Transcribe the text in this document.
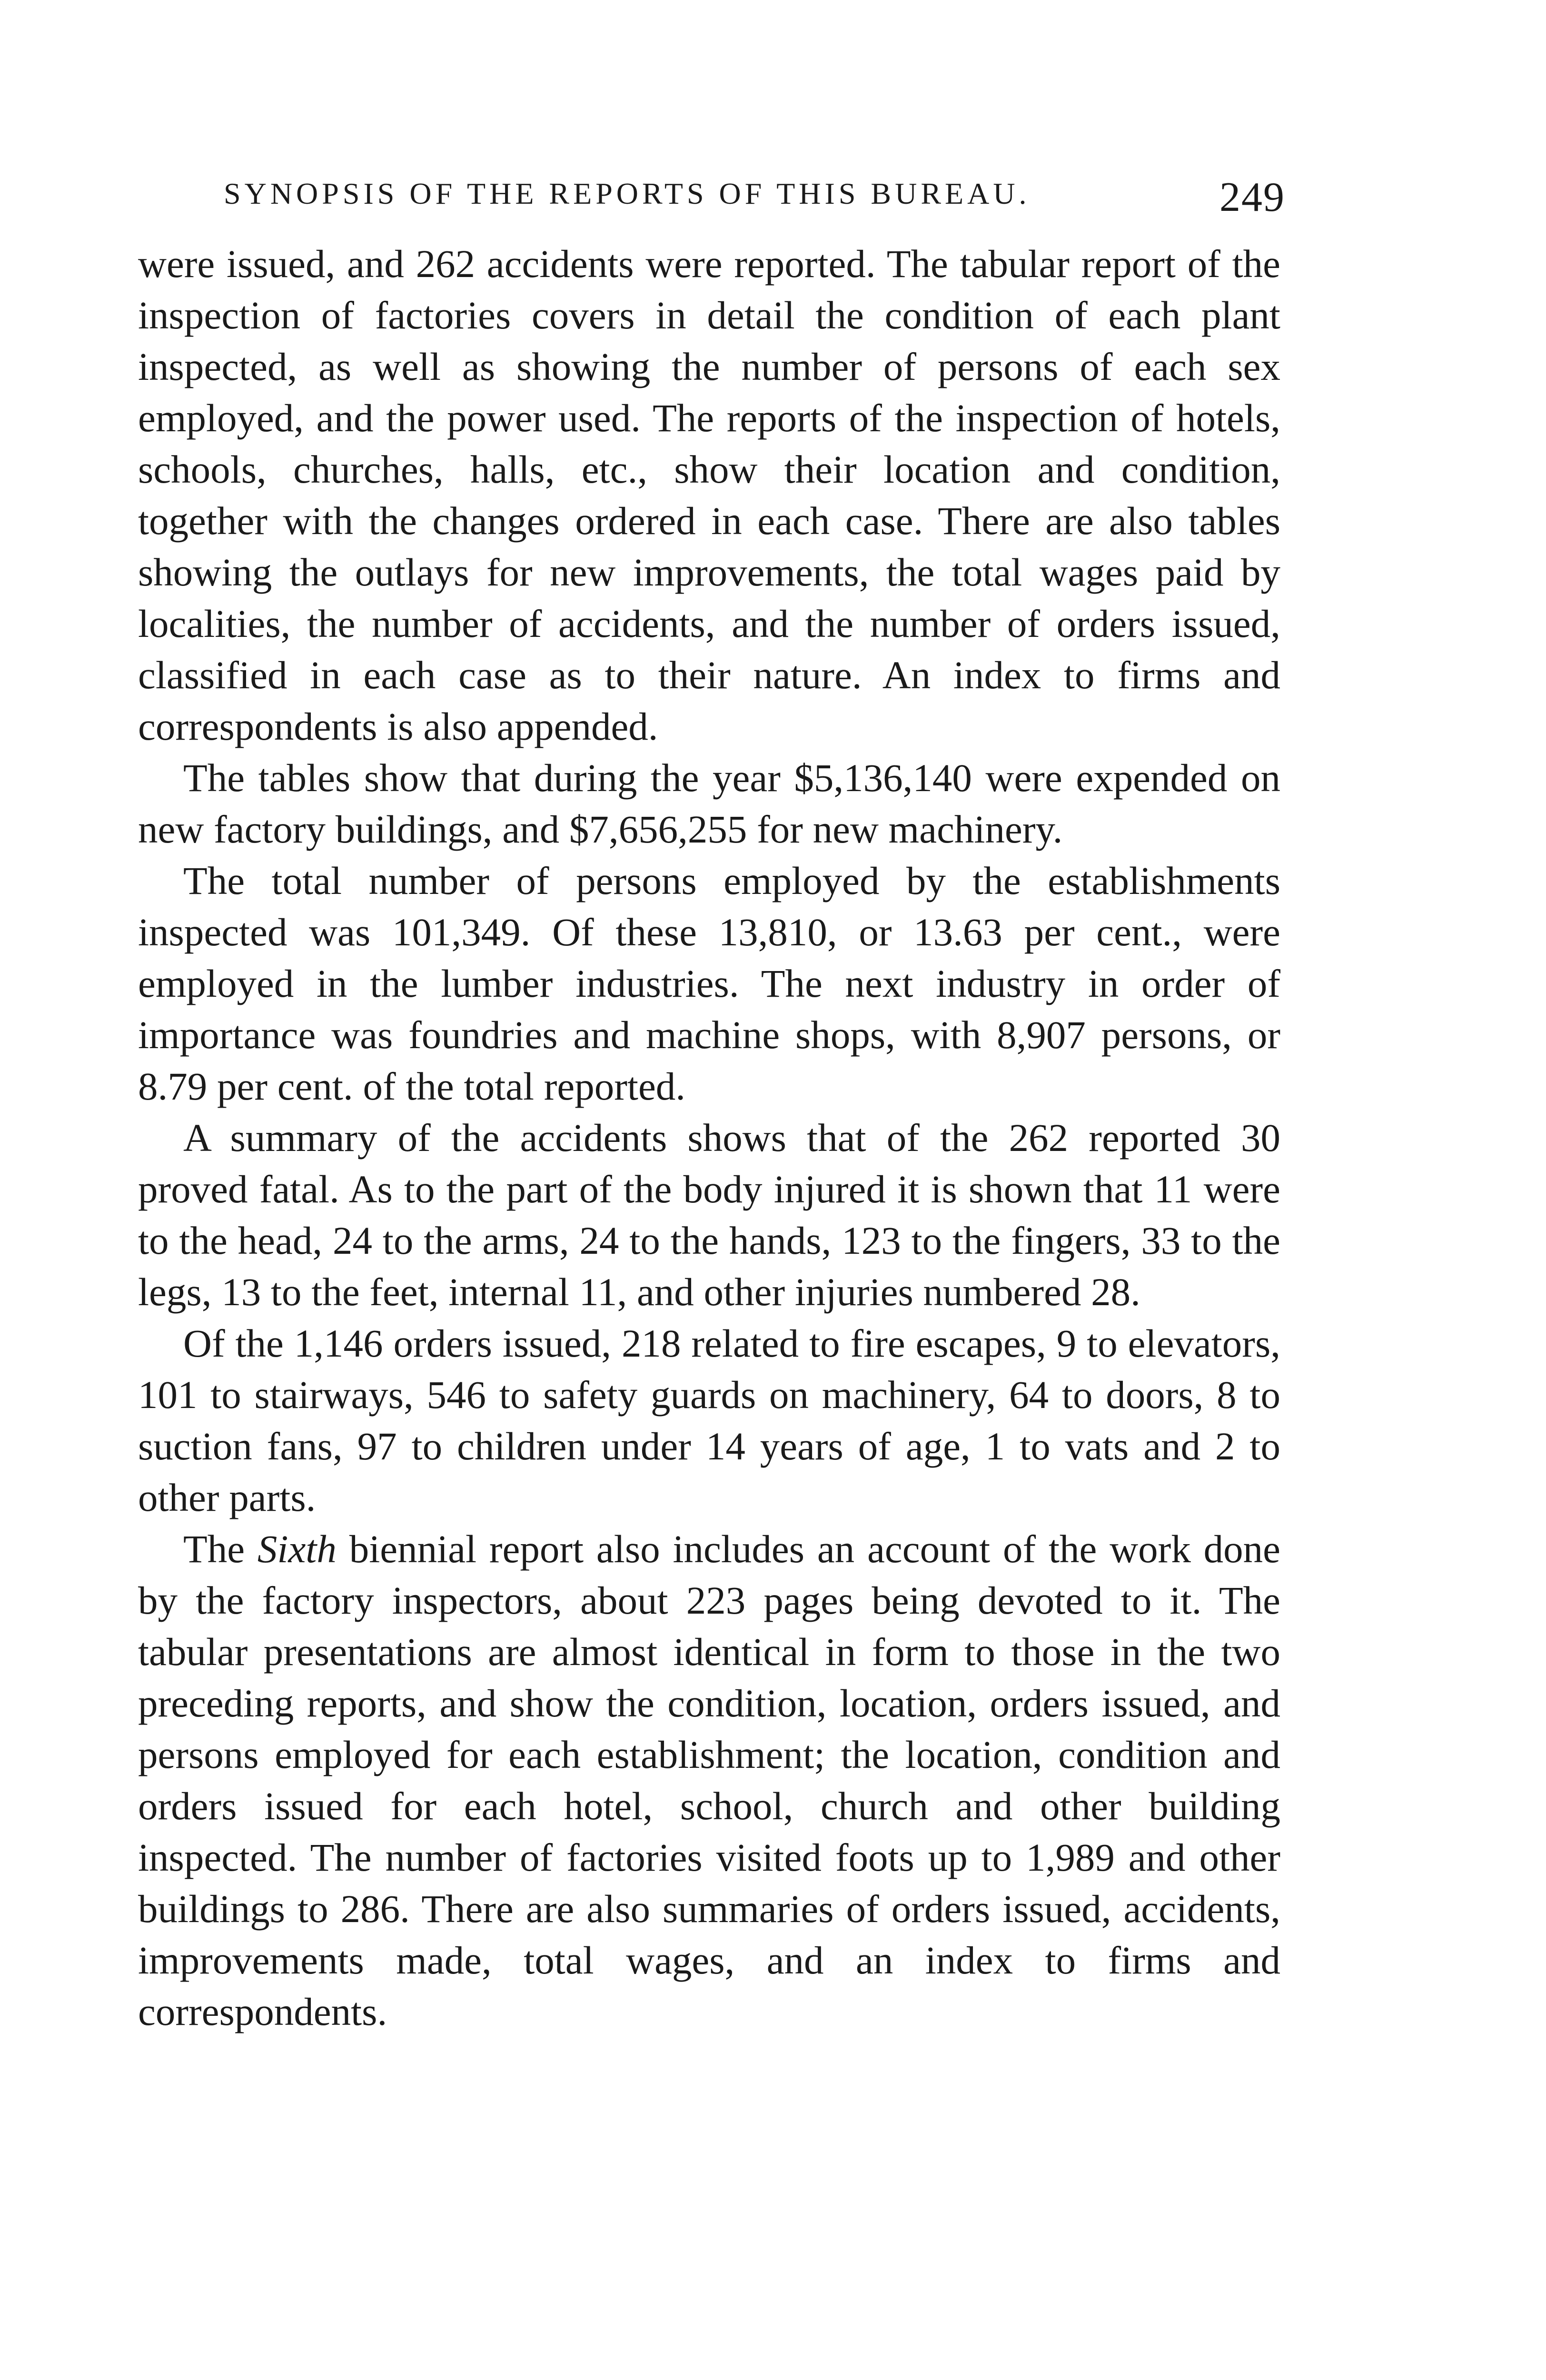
SYNOPSIS OF THE REPORTS OF THIS BUREAU.	249

were issued, and 262 accidents were reported. The tabular report of the inspection of factories covers in detail the condition of each plant inspected, as well as showing the number of persons of each sex employed, and the power used. The reports of the inspection of hotels, schools, churches, halls, etc., show their location and condition, together with the changes ordered in each case. There are also tables showing the outlays for new improvements, the total wages paid by localities, the number of accidents, and the number of orders issued, classified in each case as to their nature. An index to firms and correspondents is also appended.

The tables show that during the year $5,136,140 were expended on new factory buildings, and $7,656,255 for new machinery.

The total number of persons employed by the establishments inspected was 101,349. Of these 13,810, or 13.63 per cent., were employed in the lumber industries. The next industry in order of importance was foundries and machine shops, with 8,907 persons, or 8.79 per cent. of the total reported.

A summary of the accidents shows that of the 262 reported 30 proved fatal. As to the part of the body injured it is shown that 11 were to the head, 24 to the arms, 24 to the hands, 123 to the fingers, 33 to the legs, 13 to the feet, internal 11, and other injuries numbered 28.

Of the 1,146 orders issued, 218 related to fire escapes, 9 to elevators, 101 to stairways, 546 to safety guards on machinery, 64 to doors, 8 to suction fans, 97 to children under 14 years of age, 1 to vats and 2 to other parts.

The Sixth biennial report also includes an account of the work done by the factory inspectors, about 223 pages being devoted to it. The tabular presentations are almost identical in form to those in the two preceding reports, and show the condition, location, orders issued, and persons employed for each establishment; the location, condition and orders issued for each hotel, school, church and other building inspected. The number of factories visited foots up to 1,989 and other buildings to 286. There are also summaries of orders issued, accidents, improvements made, total wages, and an index to firms and correspondents.
